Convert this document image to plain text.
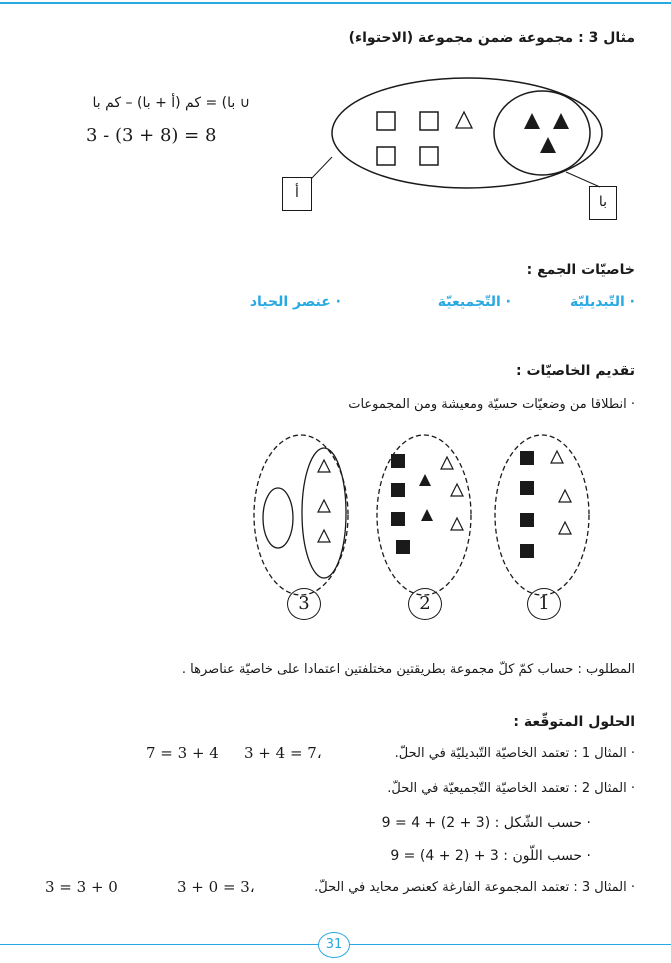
مثال 3 : مجموعة ضمن مجموعة (الاحتواء)
∪ با) = كم (أ + با) – كم با
3 - (3 + 8) = 8
أ
با
خاصيّات الجمع :
· التّبديليّة
· التّجميعيّة
· عنصر الحياد
تقديم الخاصيّات :
· انطلاقا من وضعيّات حسيّة ومعيشة ومن المجموعات
3	2	1
المطلوب : حساب كمّ كلّ مجموعة بطريقتين مختلفتين اعتمادا على خاصيّة عناصرها .
الحلول المتوقّعة :
· المثال 1 : تعتمد الخاصيّة التّبديليّة في الحلّ.
3 + 4 = 7،
7 = 3 + 4
· المثال 2 : تعتمد الخاصيّة التّجميعيّة في الحلّ.
· حسب الشّكل : (3 + 2) + 4 = 9
· حسب اللّون : 3 + (2 + 4) = 9
· المثال 3 : تعتمد المجموعة الفارغة كعنصر محايد في الحلّ.
3 + 0 = 3،
3 = 3 + 0
31
